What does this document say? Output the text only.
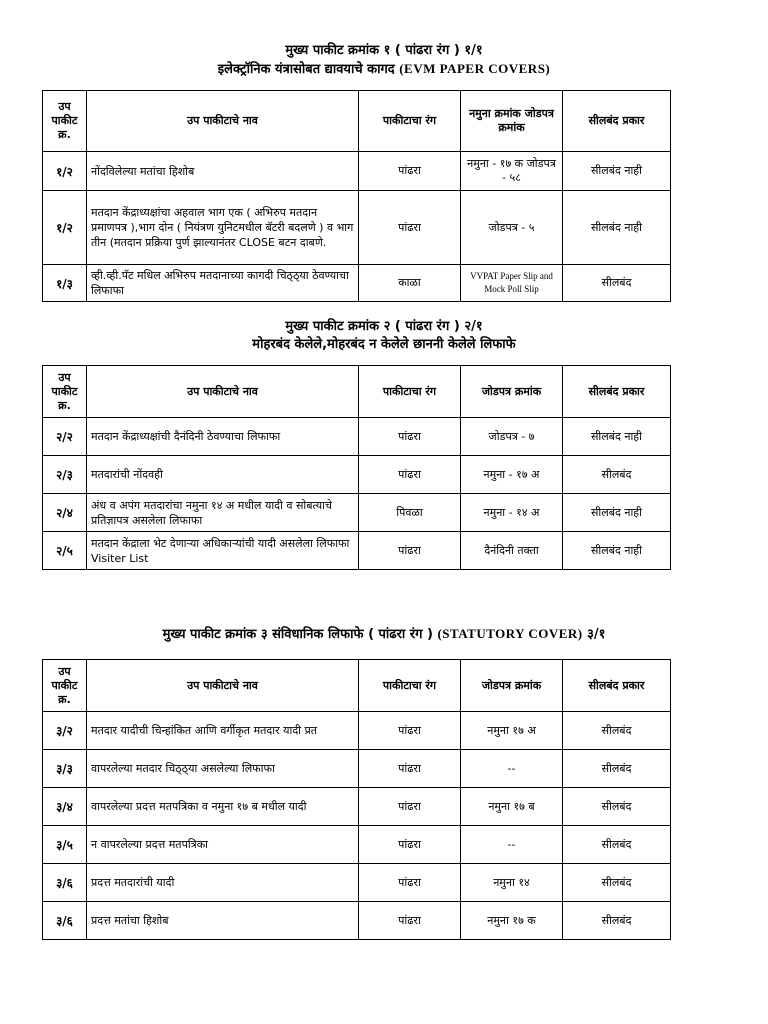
मुख्य पाकीट क्रमांक १ ( पांढरा रंग ) १/१
इलेक्ट्रॉनिक यंत्रासोबत द्यावयाचे कागद (EVM PAPER COVERS)
उप पाकीट क्र.	उप पाकीटाचे नाव	पाकीटाचा रंग	नमुना क्रमांक जोडपत्र क्रमांक	सीलबंद प्रकार
१/२	नोंदविलेल्या मतांचा हिशोब	पांढरा	नमुना - १७ क जोडपत्र - ५८	सीलबंद नाही
१/२	मतदान केंद्राध्यक्षांचा अहवाल भाग एक ( अभिरुप मतदान प्रमाणपत्र ),भाग दोन ( नियंत्रण युनिटमधील बॅटरी बदलणे ) व भाग तीन (मतदान प्रक्रिया पुर्ण झाल्यानंतर CLOSE बटन दाबणे.	पांढरा	जोडपत्र - ५	सीलबंद नाही
१/३	व्ही.व्ही.पॅट मधिल अभिरुप मतदानाच्या कागदी चिठ्ठ्या ठेवण्याचा लिफाफा	काळा	VVPAT Paper Slip and Mock Poll Slip	सीलबंद
मुख्य पाकीट क्रमांक २ ( पांढरा रंग ) २/१
मोहरबंद केलेले,मोहरबंद न केलेले छाननी केलेले लिफाफे
उप पाकीट क्र.	उप पाकीटाचे नाव	पाकीटाचा रंग	जोडपत्र क्रमांक	सीलबंद प्रकार
२/२	मतदान केंद्राध्यक्षांची दैनंदिनी ठेवण्याचा लिफाफा	पांढरा	जोडपत्र - ७	सीलबंद नाही
२/३	मतदारांची नोंदवही	पांढरा	नमुना - १७ अ	सीलबंद
२/४	अंध व अपंग मतदारांचा नमुना १४ अ मधील यादी व सोबत्याचे प्रतिज्ञापत्र असलेला लिफाफा	पिवळा	नमुना - १४ अ	सीलबंद नाही
२/५	मतदान केंद्राला भेट देणाऱ्या अधिकाऱ्यांची यादी असलेला लिफाफा Visiter List	पांढरा	दैनंदिनी तक्ता	सीलबंद नाही
मुख्य पाकीट क्रमांक ३ संविधानिक लिफाफे ( पांढरा रंग ) (STATUTORY COVER) ३/१
उप पाकीट क्र.	उप पाकीटाचे नाव	पाकीटाचा रंग	जोडपत्र क्रमांक	सीलबंद प्रकार
३/२	मतदार यादीची चिन्हांकित आणि वर्गीकृत मतदार यादी प्रत	पांढरा	नमुना १७ अ	सीलबंद
३/३	वापरलेल्या मतदार चिठ्ठ्या असलेल्या लिफाफा	पांढरा	--	सीलबंद
३/४	वापरलेल्या प्रदत्त मतपत्रिका व नमुना १७ ब मधील यादी	पांढरा	नमुना १७ ब	सीलबंद
३/५	न वापरलेल्या प्रदत्त मतपत्रिका	पांढरा	--	सीलबंद
३/६	प्रदत्त मतदारांची यादी	पांढरा	नमुना १४	सीलबंद
३/६	प्रदत्त मतांचा हिशोब	पांढरा	नमुना १७ क	सीलबंद
